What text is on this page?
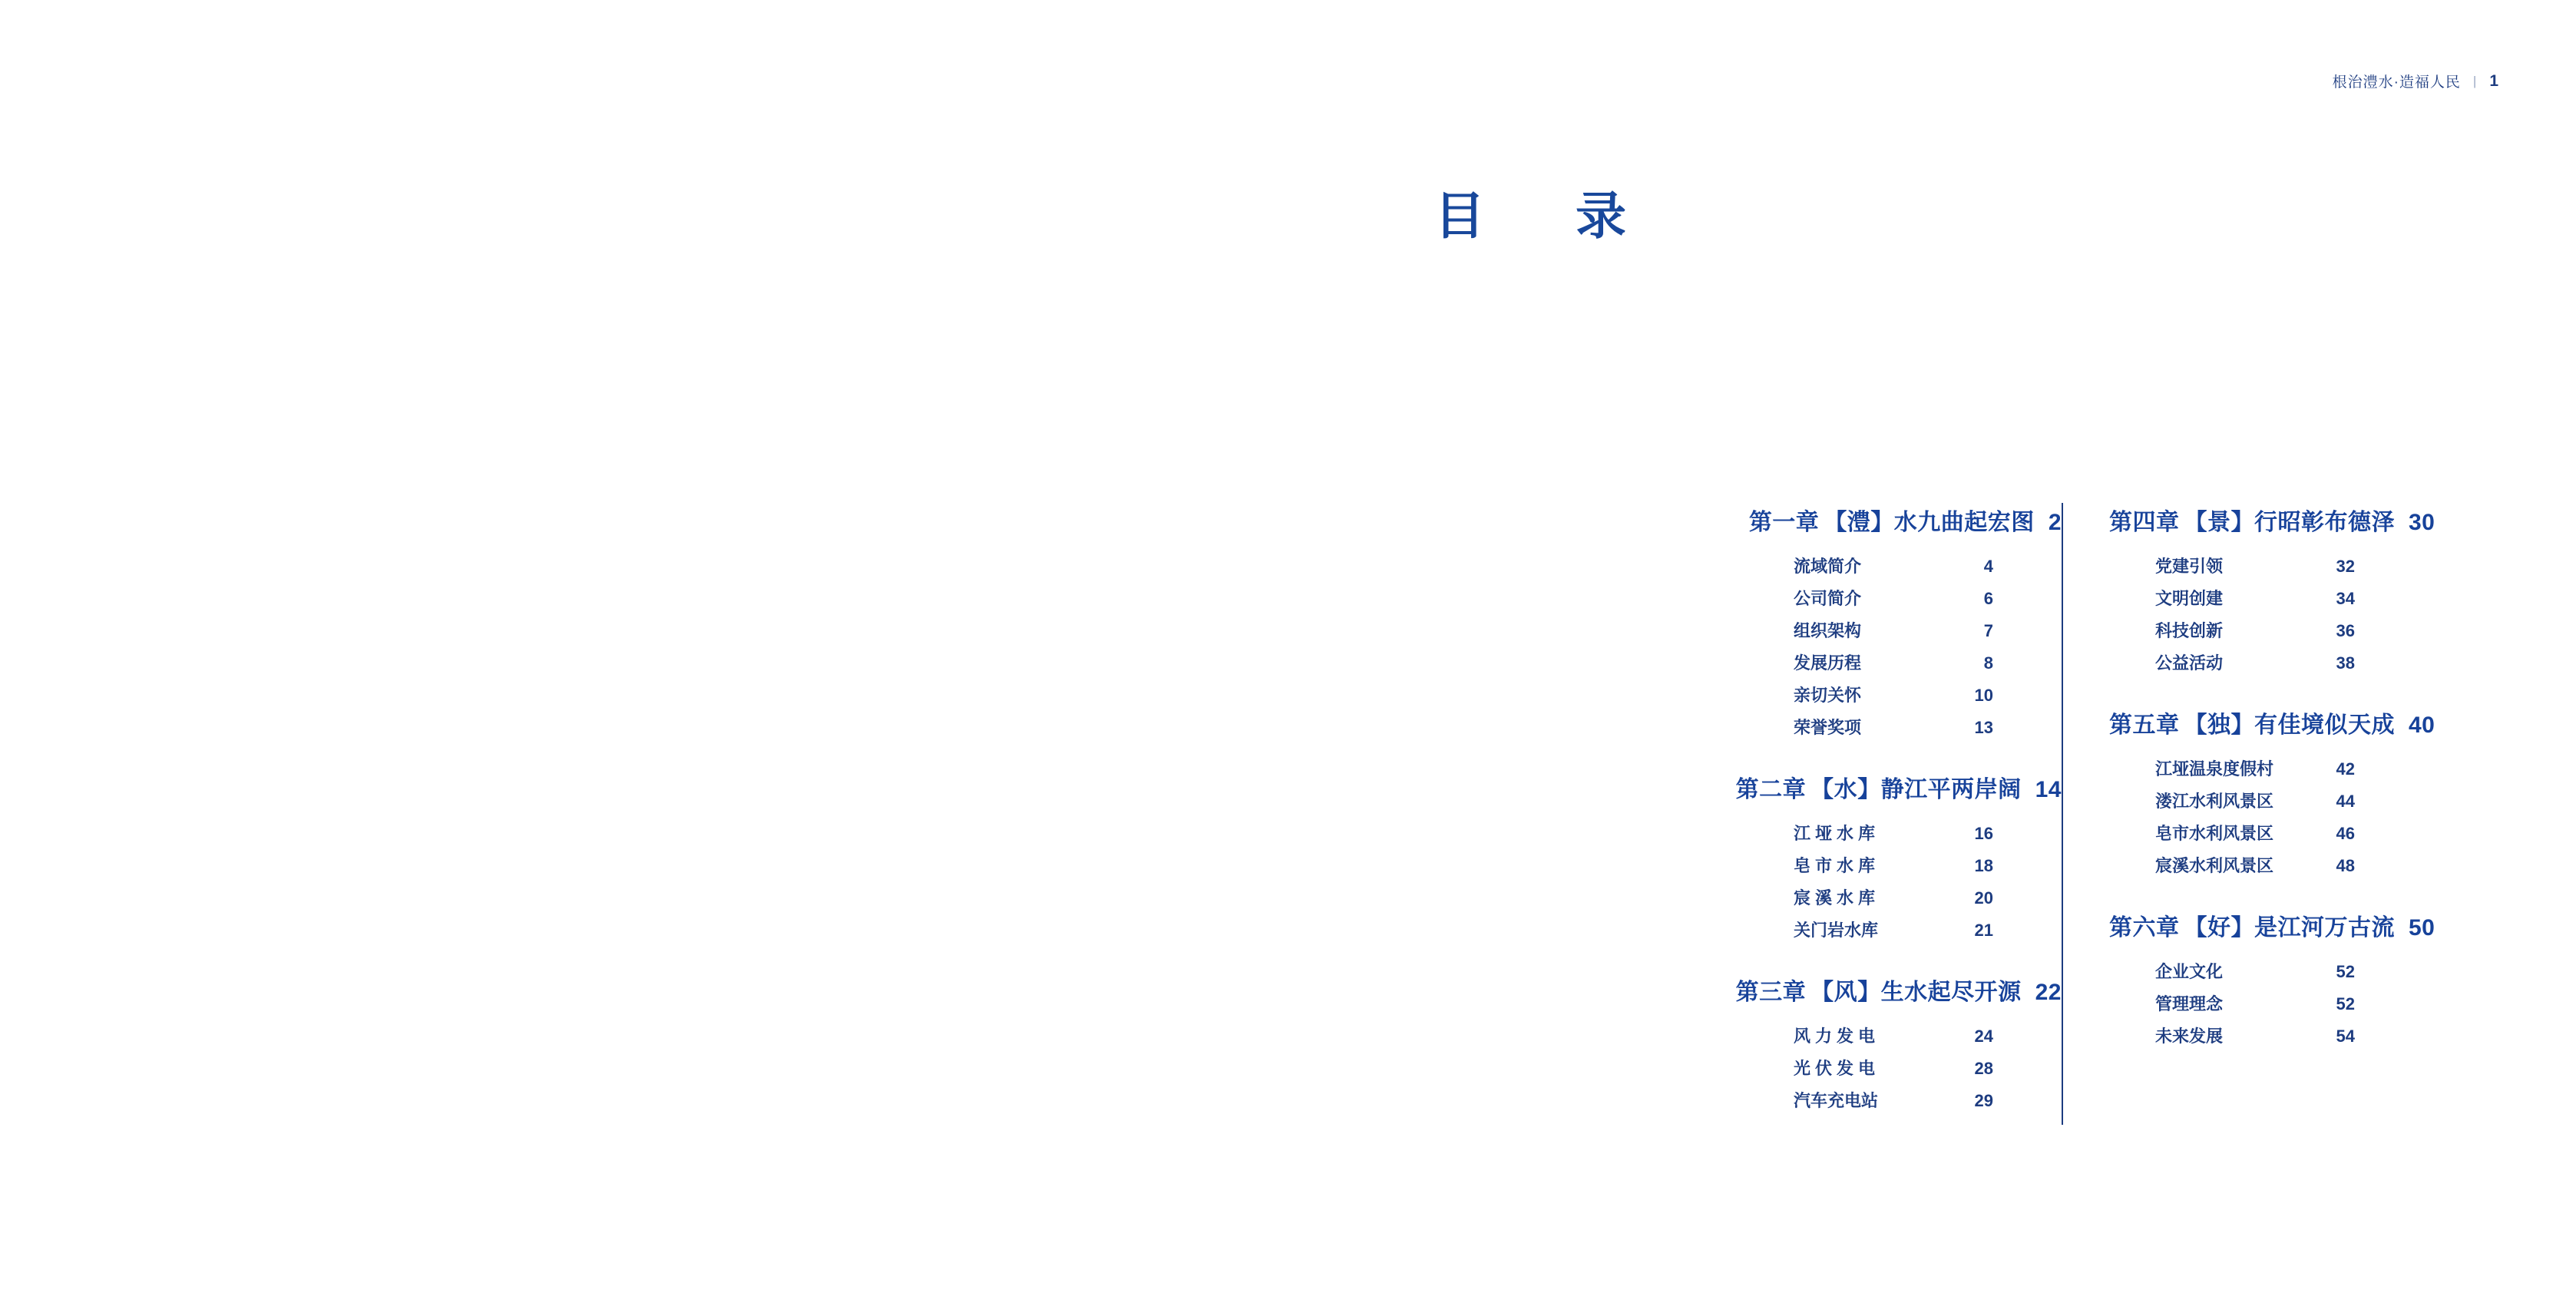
根治澧水·造福人民 | 1
目　录
第一章 【澧】水九曲起宏图 2
流域简介	4
公司简介	6
组织架构	7
发展历程	8
亲切关怀	10
荣誉奖项	13
第二章 【水】静江平两岸阔 14
江垭水库	16
皂市水库	18
宸溪水库	20
关门岩水库	21
第三章 【风】生水起尽开源 22
风力发电	24
光伏发电	28
汽车充电站	29
第四章 【景】行昭彰布德泽 30
党建引领	32
文明创建	34
科技创新	36
公益活动	38
第五章 【独】有佳境似天成 40
江垭温泉度假村	42
溇江水利风景区	44
皂市水利风景区	46
宸溪水利风景区	48
第六章 【好】是江河万古流 50
企业文化	52
管理理念	52
未来发展	54
